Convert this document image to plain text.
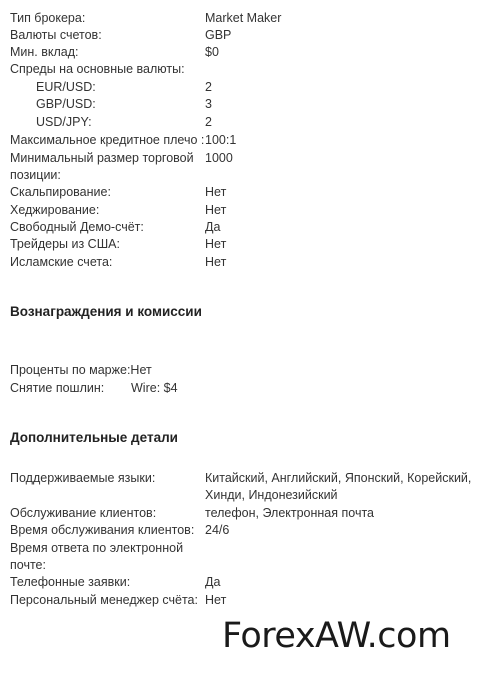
Тип брокера:	Market Maker
Валюты счетов:	GBP
Мин. вклад:	$0
Спреды на основные валюты:
EUR/USD:	2
GBP/USD:	3
USD/JPY:	2
Максимальное кредитное плечо : 100:1
Минимальный размер торговой позиции:
1000
Скальпирование:	Нет
Хеджирование:	Нет
Свободный Демо-счёт:	Да
Трейдеры из США:	Нет
Исламские счета:	Нет
Вознаграждения и комиссии
Проценты по марже:Нет
Снятие пошлин: Wire: $4
Дополнительные детали
Поддерживаемые языки:	Китайский, Английский, Японский, Корейский, Хинди, Индонезийский
Обслуживание клиентов:	телефон, Электронная почта
Время обслуживания клиентов: 24/6
Время ответа по электронной почте:
Телефонные заявки:	Да
Персональный менеджер счёта: Нет
ForexAW.com
